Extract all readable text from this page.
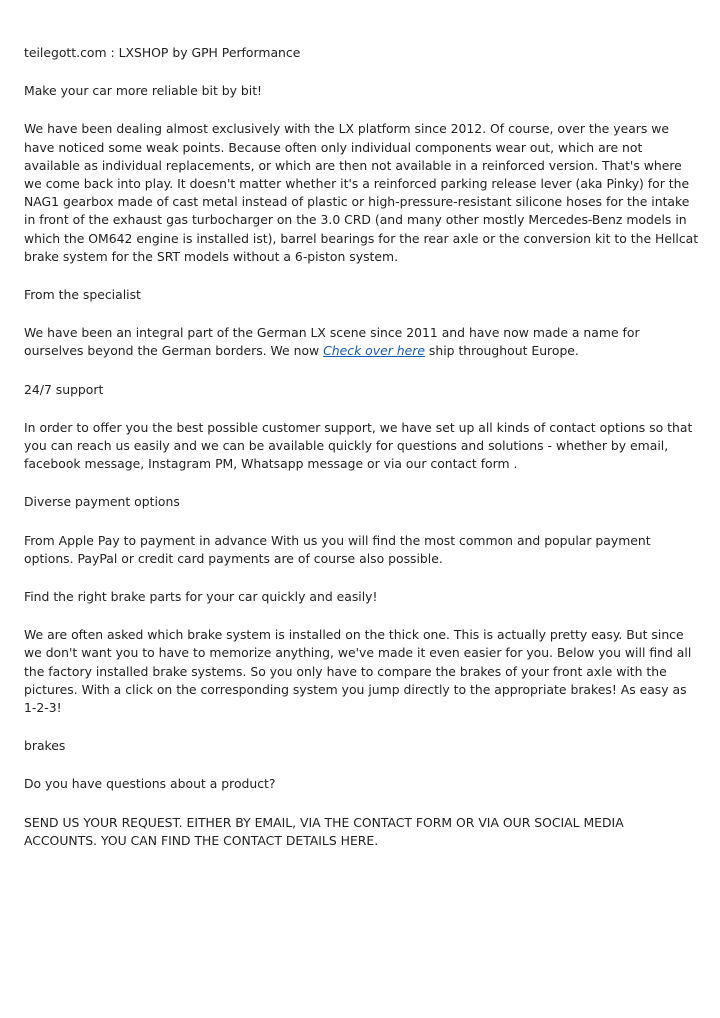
teilegott.com : LXSHOP by GPH Performance

Make your car more reliable bit by bit!

We have been dealing almost exclusively with the LX platform since 2012. Of course, over the years we have noticed some weak points. Because often only individual components wear out, which are not available as individual replacements, or which are then not available in a reinforced version. That's where we come back into play. It doesn't matter whether it's a reinforced parking release lever (aka Pinky) for the NAG1 gearbox made of cast metal instead of plastic or high-pressure-resistant silicone hoses for the intake in front of the exhaust gas turbocharger on the 3.0 CRD (and many other mostly Mercedes-Benz models in which the OM642 engine is installed ist), barrel bearings for the rear axle or the conversion kit to the Hellcat brake system for the SRT models without a 6-piston system.

From the specialist

We have been an integral part of the German LX scene since 2011 and have now made a name for ourselves beyond the German borders. We now Check over here ship throughout Europe.

24/7 support

In order to offer you the best possible customer support, we have set up all kinds of contact options so that you can reach us easily and we can be available quickly for questions and solutions - whether by email, facebook message, Instagram PM, Whatsapp message or via our contact form .

Diverse payment options

From Apple Pay to payment in advance With us you will find the most common and popular payment options. PayPal or credit card payments are of course also possible.

Find the right brake parts for your car quickly and easily!

We are often asked which brake system is installed on the thick one. This is actually pretty easy. But since we don't want you to have to memorize anything, we've made it even easier for you. Below you will find all the factory installed brake systems. So you only have to compare the brakes of your front axle with the pictures. With a click on the corresponding system you jump directly to the appropriate brakes! As easy as 1-2-3!

brakes

Do you have questions about a product?

SEND US YOUR REQUEST. EITHER BY EMAIL, VIA THE CONTACT FORM OR VIA OUR SOCIAL MEDIA ACCOUNTS. YOU CAN FIND THE CONTACT DETAILS HERE.
